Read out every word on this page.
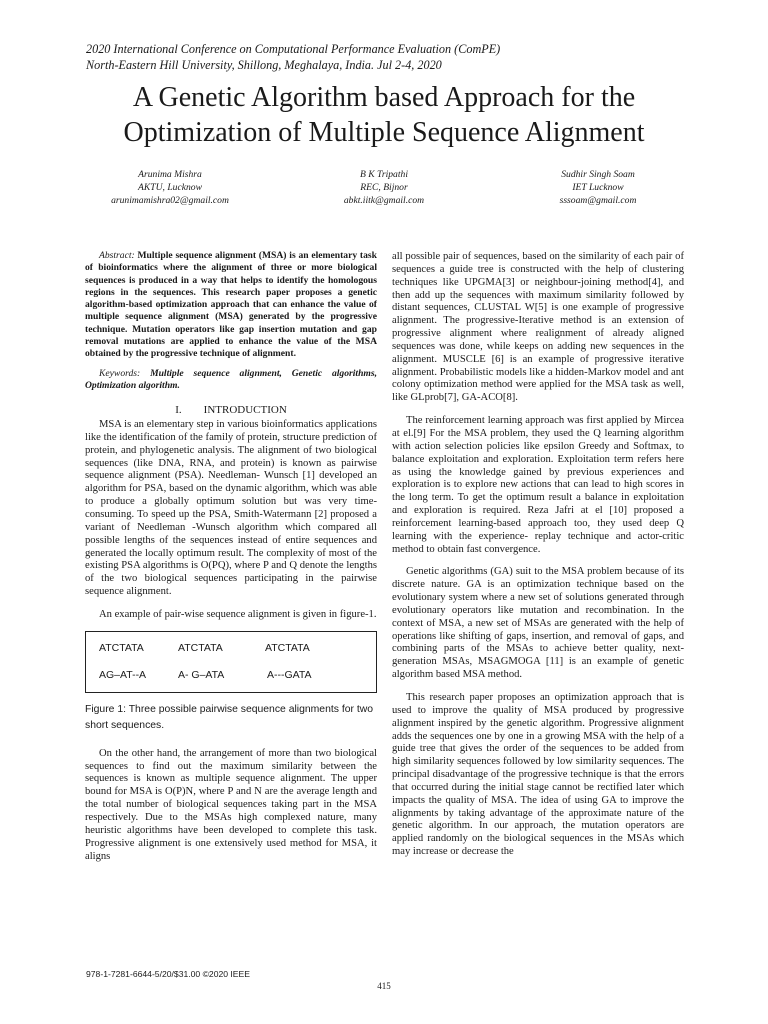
2020 International Conference on Computational Performance Evaluation (ComPE)
North-Eastern Hill University, Shillong, Meghalaya, India. Jul 2-4, 2020
A Genetic Algorithm based Approach for the
Optimization of Multiple Sequence Alignment
Arunima Mishra
AKTU, Lucknow
arunimamishra02@gmail.com
B K Tripathi
REC, Bijnor
abkt.iitk@gmail.com
Sudhir Singh Soam
IET Lucknow
sssoam@gmail.com

Abstract: Multiple sequence alignment (MSA) is an elementary task of bioinformatics where the alignment of three or more biological sequences is produced in a way that helps to identify the homologous regions in the sequences. This research paper proposes a genetic algorithm-based optimization approach that can enhance the value of multiple sequence alignment (MSA) generated by the progressive technique. Mutation operators like gap insertion mutation and gap removal mutations are applied to enhance the value of the MSA obtained by the progressive technique of alignment.

Keywords: Multiple sequence alignment, Genetic algorithms, Optimization algorithm.

I. INTRODUCTION

MSA is an elementary step in various bioinformatics applications like the identification of the family of protein, structure prediction of protein, and phylogenetic analysis. The alignment of two biological sequences (like DNA, RNA, and protein) is known as pairwise sequence alignment (PSA). Needleman- Wunsch [1] developed an algorithm for PSA, based on the dynamic algorithm, which was able to produce a globally optimum solution but was very time-consuming. To speed up the PSA, Smith-Watermann [2] proposed a variant of Needleman -Wunsch algorithm which compared all possible lengths of the sequences instead of entire sequences and generated the locally optimum result. The complexity of most of the existing PSA algorithms is O(PQ), where P and Q denote the lengths of the two biological sequences participating in the pairwise sequence alignment.

An example of pair-wise sequence alignment is given in figure-1.

ATCTATA	ATCTATA	ATCTATA
AG–AT--A	A- G–ATA	A---GATA
Figure 1: Three possible pairwise sequence alignments for two short sequences.

On the other hand, the arrangement of more than two biological sequences to find out the maximum similarity between the sequences is known as multiple sequence alignment. The upper bound for MSA is O(P)N, where P and N are the average length and the total number of biological sequences taking part in the MSA respectively. Due to the MSAs high complexed nature, many heuristic algorithms have been developed to complete this task. Progressive alignment is one extensively used method for MSA, it aligns

all possible pair of sequences, based on the similarity of each pair of sequences a guide tree is constructed with the help of clustering techniques like UPGMA[3] or neighbour-joining method[4], and then add up the sequences with maximum similarity followed by distant sequences, CLUSTAL W[5] is one example of progressive alignment. The progressive-Iterative method is an extension of progressive alignment where realignment of already aligned sequences was done, while keeps on adding new sequences in the alignment. MUSCLE [6] is an example of progressive iterative alignment. Probabilistic models like a hidden-Markov model and ant colony optimization method were applied for the MSA task as well, like GLprob[7], GA-ACO[8].

The reinforcement learning approach was first applied by Mircea at el.[9] For the MSA problem, they used the Q learning algorithm with action selection policies like epsilon Greedy and Softmax, to balance exploitation and exploration. Exploitation term refers here as using the knowledge gained by previous experiences and exploration is to explore new actions that can lead to high scores in the long term. To get the optimum result a balance in exploitation and exploration is required. Reza Jafri at el [10] proposed a reinforcement learning-based approach too, they used deep Q learning with the experience- replay technique and actor-critic method to obtain fast convergence.

Genetic algorithms (GA) suit to the MSA problem because of its discrete nature. GA is an optimization technique based on the evolutionary system where a new set of solutions generated through evolutionary operators like mutation and recombination. In the context of MSA, a new set of MSAs are generated with the help of operations like shifting of gaps, insertion, and removal of gaps, and combining parts of the MSAs to achieve better quality, next-generation MSAs, MSAGMOGA [11] is an example of genetic algorithm based MSA method.

This research paper proposes an optimization approach that is used to improve the quality of MSA produced by progressive alignment inspired by the genetic algorithm. Progressive alignment adds the sequences one by one in a growing MSA with the help of a guide tree that gives the order of the sequences to be added from high similarity sequences followed by low similarity sequences. The principal disadvantage of the progressive technique is that the errors that occurred during the initial stage cannot be rectified later which impacts the quality of MSA. The idea of using GA to improve the alignments by taking advantage of the approximate nature of the genetic algorithm. In our approach, the mutation operators are applied randomly on the biological sequences in the MSAs which may increase or decrease the

978-1-7281-6644-5/20/$31.00 ©2020 IEEE
415
